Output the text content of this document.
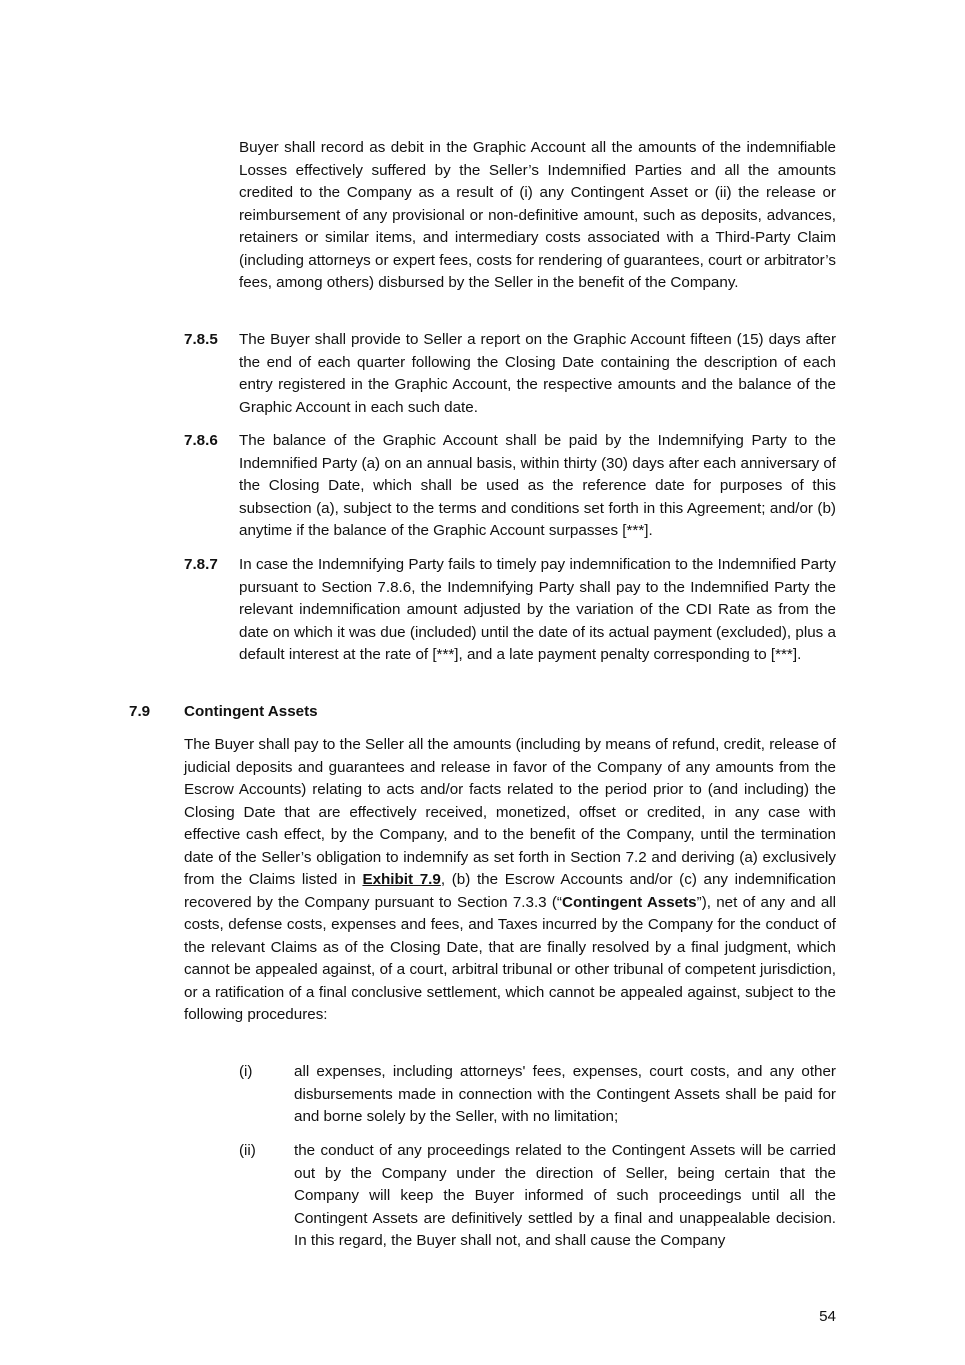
Buyer shall record as debit in the Graphic Account all the amounts of the indemnifiable Losses effectively suffered by the Seller’s Indemnified Parties and all the amounts credited to the Company as a result of (i) any Contingent Asset or (ii) the release or reimbursement of any provisional or non-definitive amount, such as deposits, advances, retainers or similar items, and intermediary costs associated with a Third-Party Claim (including attorneys or expert fees, costs for rendering of guarantees, court or arbitrator’s fees, among others) disbursed by the Seller in the benefit of the Company.

7.8.5 The Buyer shall provide to Seller a report on the Graphic Account fifteen (15) days after the end of each quarter following the Closing Date containing the description of each entry registered in the Graphic Account, the respective amounts and the balance of the Graphic Account in each such date.

7.8.6 The balance of the Graphic Account shall be paid by the Indemnifying Party to the Indemnified Party (a) on an annual basis, within thirty (30) days after each anniversary of the Closing Date, which shall be used as the reference date for purposes of this subsection (a), subject to the terms and conditions set forth in this Agreement; and/or (b) anytime if the balance of the Graphic Account surpasses [***].

7.8.7 In case the Indemnifying Party fails to timely pay indemnification to the Indemnified Party pursuant to Section 7.8.6, the Indemnifying Party shall pay to the Indemnified Party the relevant indemnification amount adjusted by the variation of the CDI Rate as from the date on which it was due (included) until the date of its actual payment (excluded), plus a default interest at the rate of [***], and a late payment penalty corresponding to [***].

7.9 Contingent Assets

The Buyer shall pay to the Seller all the amounts (including by means of refund, credit, release of judicial deposits and guarantees and release in favor of the Company of any amounts from the Escrow Accounts) relating to acts and/or facts related to the period prior to (and including) the Closing Date that are effectively received, monetized, offset or credited, in any case with effective cash effect, by the Company, and to the benefit of the Company, until the termination date of the Seller’s obligation to indemnify as set forth in Section 7.2 and deriving (a) exclusively from the Claims listed in Exhibit 7.9, (b) the Escrow Accounts and/or (c) any indemnification recovered by the Company pursuant to Section 7.3.3 (“Contingent Assets”), net of any and all costs, defense costs, expenses and fees, and Taxes incurred by the Company for the conduct of the relevant Claims as of the Closing Date, that are finally resolved by a final judgment, which cannot be appealed against, of a court, arbitral tribunal or other tribunal of competent jurisdiction, or a ratification of a final conclusive settlement, which cannot be appealed against, subject to the following procedures:

(i)	all expenses, including attorneys' fees, expenses, court costs, and any other disbursements made in connection with the Contingent Assets shall be paid for and borne solely by the Seller, with no limitation;

(ii)	the conduct of any proceedings related to the Contingent Assets will be carried out by the Company under the direction of Seller, being certain that the Company will keep the Buyer informed of such proceedings until all the Contingent Assets are definitively settled by a final and unappealable decision. In this regard, the Buyer shall not, and shall cause the Company

54
